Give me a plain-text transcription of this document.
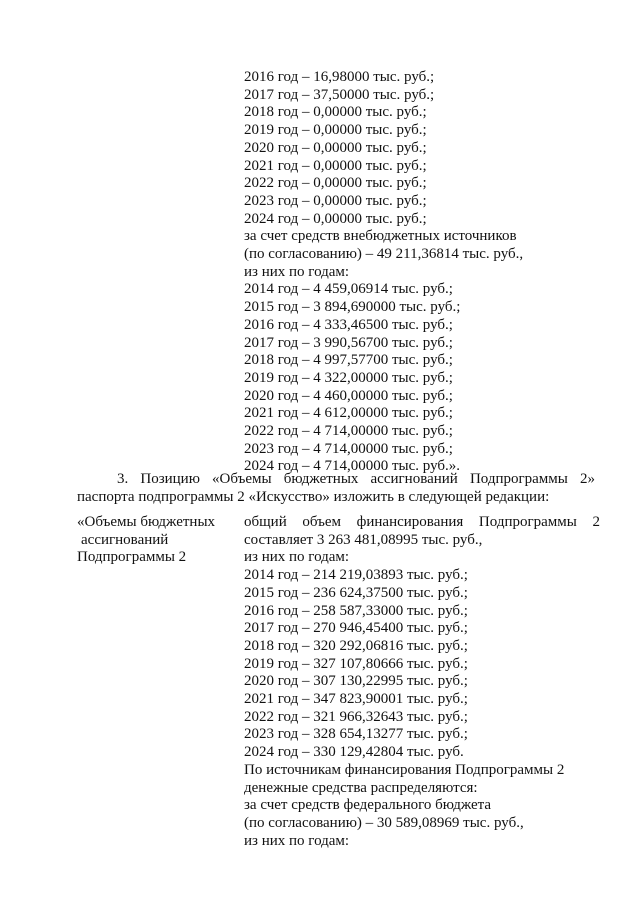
2016 год – 16,98000 тыс. руб.;
2017 год – 37,50000 тыс. руб.;
2018 год – 0,00000 тыс. руб.;
2019 год – 0,00000 тыс. руб.;
2020 год – 0,00000 тыс. руб.;
2021 год – 0,00000 тыс. руб.;
2022 год – 0,00000 тыс. руб.;
2023 год – 0,00000 тыс. руб.;
2024 год – 0,00000 тыс. руб.;
за счет средств внебюджетных источников
(по согласованию) – 49 211,36814 тыс. руб.,
из них по годам:
2014 год – 4 459,06914 тыс. руб.;
2015 год – 3 894,690000 тыс. руб.;
2016 год – 4 333,46500 тыс. руб.;
2017 год – 3 990,56700 тыс. руб.;
2018 год – 4 997,57700 тыс. руб.;
2019 год – 4 322,00000 тыс. руб.;
2020 год – 4 460,00000 тыс. руб.;
2021 год – 4 612,00000 тыс. руб.;
2022 год – 4 714,00000 тыс. руб.;
2023 год – 4 714,00000 тыс. руб.;
2024 год – 4 714,00000 тыс. руб.».
3. Позицию «Объемы бюджетных ассигнований Подпрограммы 2»
паспорта подпрограммы 2 «Искусство» изложить в следующей редакции:
«Объемы бюджетных
ассигнований
Подпрограммы 2
общий объем финансирования Подпрограммы 2
составляет 3 263 481,08995 тыс. руб.,
из них по годам:
2014 год – 214 219,03893 тыс. руб.;
2015 год – 236 624,37500 тыс. руб.;
2016 год – 258 587,33000 тыс. руб.;
2017 год – 270 946,45400 тыс. руб.;
2018 год – 320 292,06816 тыс. руб.;
2019 год – 327 107,80666 тыс. руб.;
2020 год – 307 130,22995 тыс. руб.;
2021 год – 347 823,90001 тыс. руб.;
2022 год – 321 966,32643 тыс. руб.;
2023 год – 328 654,13277 тыс. руб.;
2024 год – 330 129,42804 тыс. руб.
По источникам финансирования Подпрограммы 2
денежные средства распределяются:
за счет средств федерального бюджета
(по согласованию) – 30 589,08969 тыс. руб.,
из них по годам:
